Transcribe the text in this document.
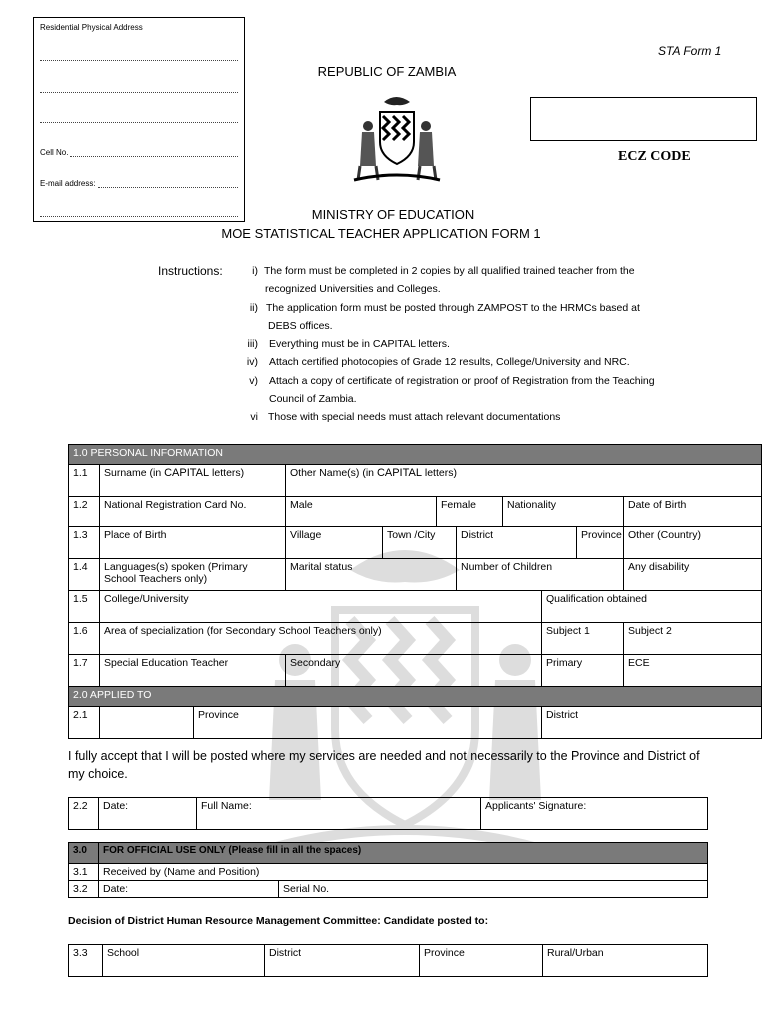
Residential Physical Address
Cell No.
E-mail address:
STA Form 1
REPUBLIC OF ZAMBIA
ECZ CODE
MINISTRY OF EDUCATION
MOE STATISTICAL TEACHER APPLICATION FORM 1
Instructions:	i) The form must be completed in 2 copies by all qualified trained teacher from the
recognized Universities and Colleges.
ii) The application form must be posted through ZAMPOST to the HRMCs based at
DEBS offices.
iii) Everything must be in CAPITAL letters.
iv) Attach certified photocopies of Grade 12 results, College/University and NRC.
v) Attach a copy of certificate of registration or proof of Registration from the Teaching
Council of Zambia.
vi Those with special needs must attach relevant documentations
1.0 PERSONAL INFORMATION										
1.1	Surname (in CAPITAL letters)		Other Name(s) (in CAPITAL letters)							
1.2	National Registration Card No.		Male		Female		Nationality			Date of Birth
1.3	Place of Birth		Village	Town /City		District			Province	Other (Country)
1.4	Languages(s) spoken (Primary School Teachers only)		Marital status			Number of Children				Any disability
1.5	College/University							Qualification obtained		
1.6	Area of specialization (for Secondary School Teachers only)							Subject 1		Subject 2
1.7	Special Education Teacher		Secondary					Primary		ECE
2.0 APPLIED TO										
2.1		Province						District		
I fully accept that I will be posted where my services are needed and not necessarily to the Province and District of my choice.
2.2	Date:	Full Name:	Applicants' Signature:
3.0	FOR OFFICIAL USE ONLY (Please fill in all the spaces)	
3.1	Received by (Name and Position)	
3.2	Date:	Serial No.
Decision of District Human Resource Management Committee: Candidate posted to:
3.3	School	District	Province	Rural/Urban
